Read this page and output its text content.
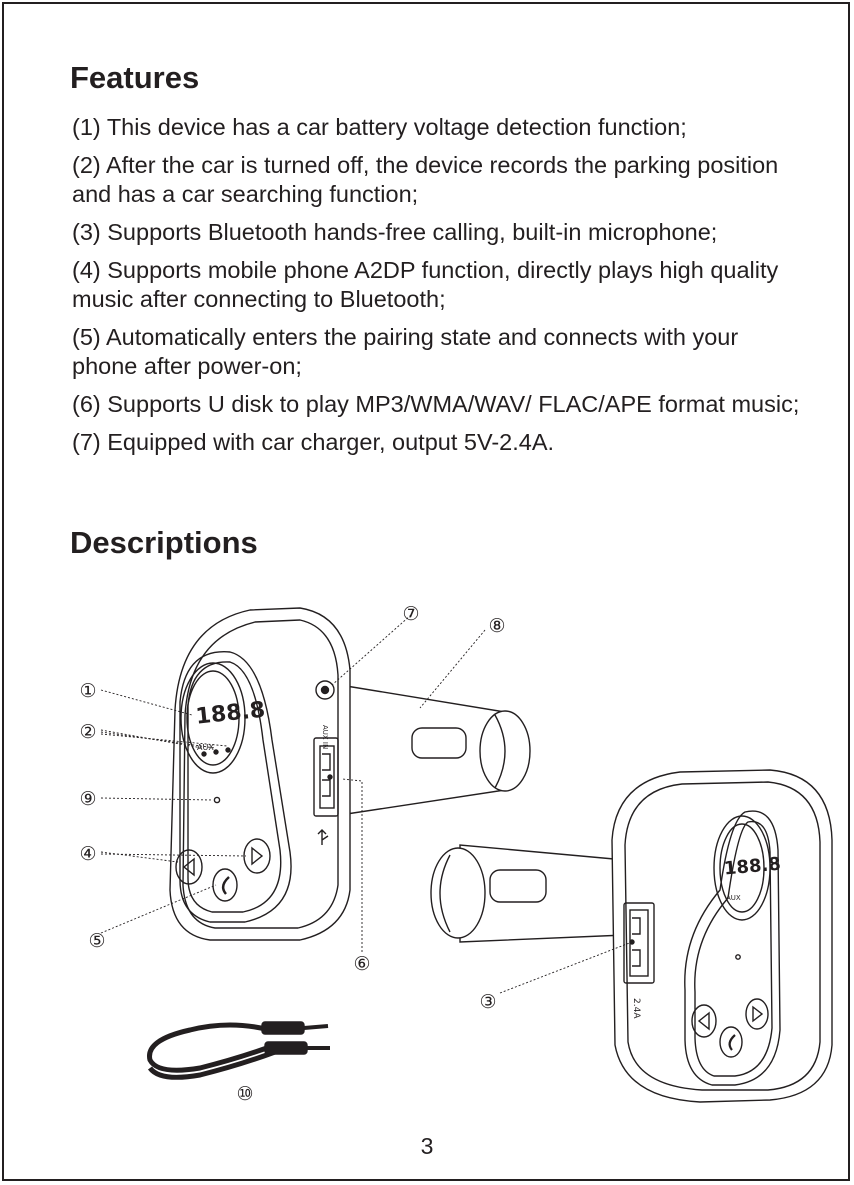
Features
(1) This device has a car battery voltage detection function;
(2) After the car is turned off, the device records the parking position and has a car searching function;
(3) Supports Bluetooth hands-free calling, built-in microphone;
(4) Supports mobile phone A2DP function, directly plays high quality music after connecting to Bluetooth;
(5) Automatically enters the pairing state and connects with your phone after power-on;
(6) Supports U disk to play MP3/WMA/WAV/ FLAC/APE format music;
(7) Equipped with car charger, output 5V-2.4A.
Descriptions
188.8
AUX	AUX IN
188.8
AUX
2.4A
①
②
③
④
⑤
⑥
⑦
⑧
⑨
⑩
3
